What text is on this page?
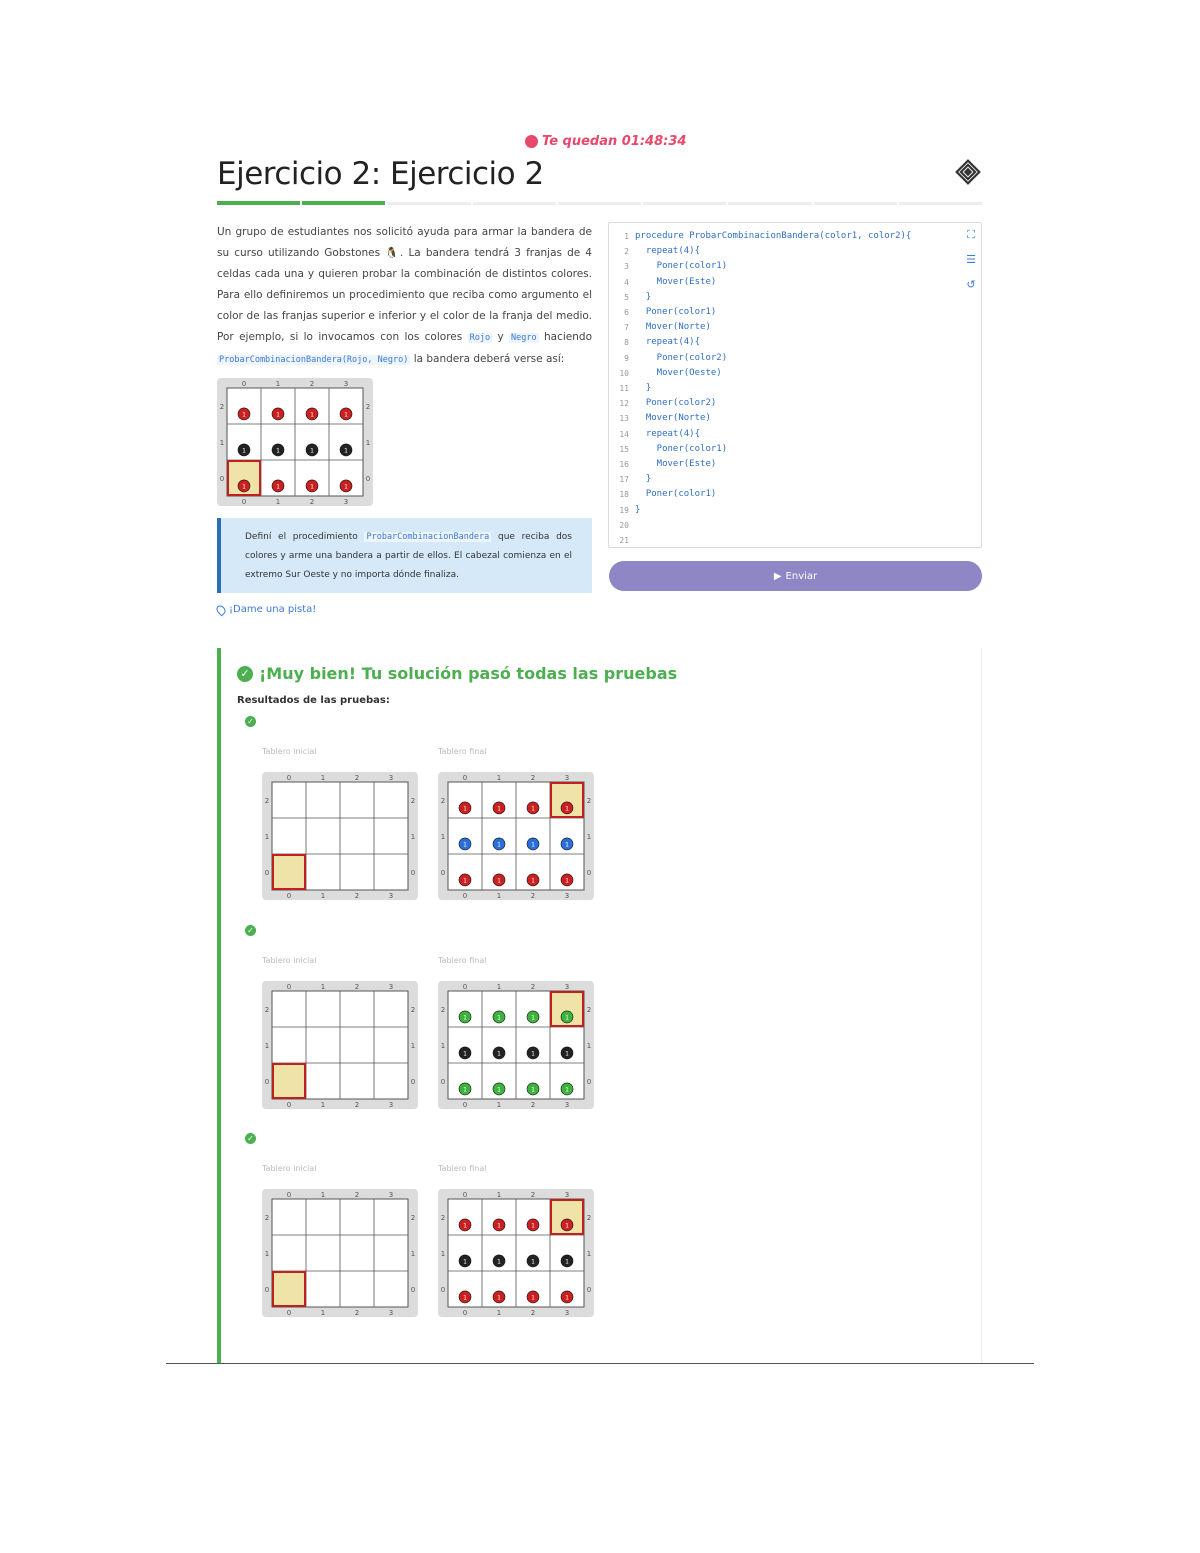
Te quedan 01:48:34
Ejercicio 2: Ejercicio 2
Un grupo de estudiantes nos solicitó ayuda para armar la bandera de su curso utilizando Gobstones 🐧. La bandera tendrá 3 franjas de 4 celdas cada una y quieren probar la combinación de distintos colores. Para ello definiremos un procedimiento que reciba como argumento el color de las franjas superior e inferior y el color de la franja del medio. Por ejemplo, si lo invocamos con los colores Rojo y Negro haciendo ProbarCombinacionBandera(Rojo, Negro) la bandera deberá verse así:
0
0
1
1
2
2
3
3
2	2
1	1
0	0
1	1	1	1
1	1	1	1
1	1	1	1
Definí el procedimiento ProbarCombinacionBandera que reciba dos colores y arme una bandera a partir de ellos. El cabezal comienza en el extremo Sur Oeste y no importa dónde finaliza.
¡Dame una pista!
1
2
3
4
5
6
7
8
9
10
11
12
13
14
15
16
17
18
19
20
21
procedure ProbarCombinacionBandera(color1, color2){
repeat(4){
Poner(color1)
Mover(Este)
}
Poner(color1)
Mover(Norte)
repeat(4){
Poner(color2)
Mover(Oeste)
}
Poner(color2)
Mover(Norte)
repeat(4){
Poner(color1)
Mover(Este)
}
Poner(color1)
}

⛶
☰
↺
▶ Enviar
✓ ¡Muy bien! Tu solución pasó todas las pruebas
Resultados de las pruebas:
✓
Tablero inicial
0
0
1
1
2
2
3
3
2	2
1	1
0	0
Tablero final
0
0
1
1
2
2
3
3
2	2
1	1
0	0
1	1	1	1
1	1	1	1
1	1	1	1
✓
Tablero inicial
0
0
1
1
2
2
3
3
2	2
1	1
0	0
Tablero final
0
0
1
1
2
2
3
3
2	2
1	1
0	0
1	1	1	1
1	1	1	1
1	1	1	1
✓
Tablero inicial
0
0
1
1
2
2
3
3
2	2
1	1
0	0
Tablero final
0
0
1
1
2
2
3
3
2	2
1	1
0	0
1	1	1	1
1	1	1	1
1	1	1	1
